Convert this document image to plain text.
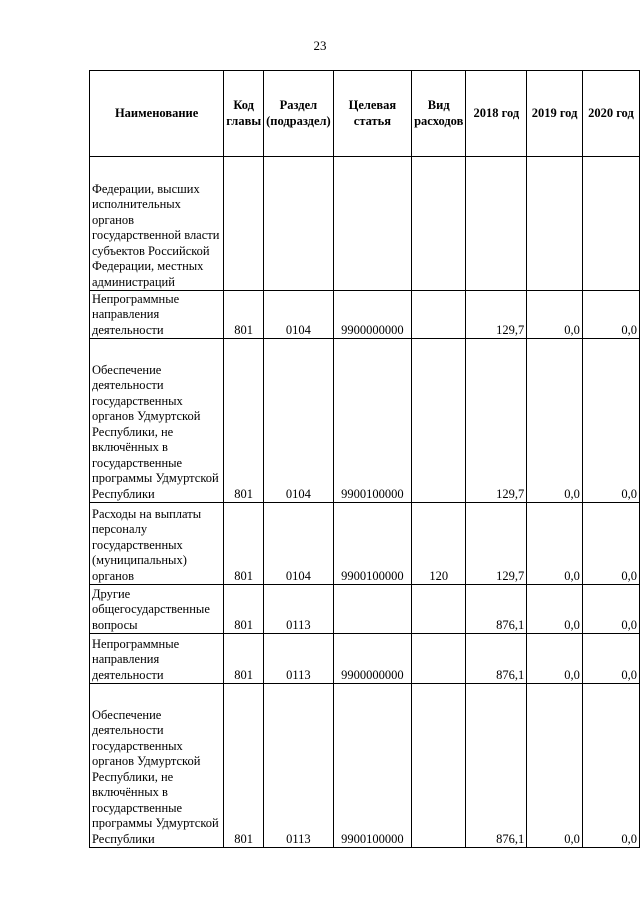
23
Наименование	Код главы	Раздел (подраздел)	Целевая статья	Вид расходов	2018 год	2019 год	2020 год
Федерации, высших исполнительных органов государственной власти субъектов Российской Федерации, местных администраций							
Непрограммные направления деятельности	801	0104	9900000000		129,7	0,0	0,0
Обеспечение деятельности государственных органов Удмуртской Республики, не включённых в государственные программы Удмуртской Республики	801	0104	9900100000		129,7	0,0	0,0
Расходы на выплаты персоналу государственных (муниципальных) органов	801	0104	9900100000	120	129,7	0,0	0,0
Другие общегосударственные вопросы	801	0113			876,1	0,0	0,0
Непрограммные направления деятельности	801	0113	9900000000		876,1	0,0	0,0
Обеспечение деятельности государственных органов Удмуртской Республики, не включённых в государственные программы Удмуртской Республики	801	0113	9900100000		876,1	0,0	0,0
